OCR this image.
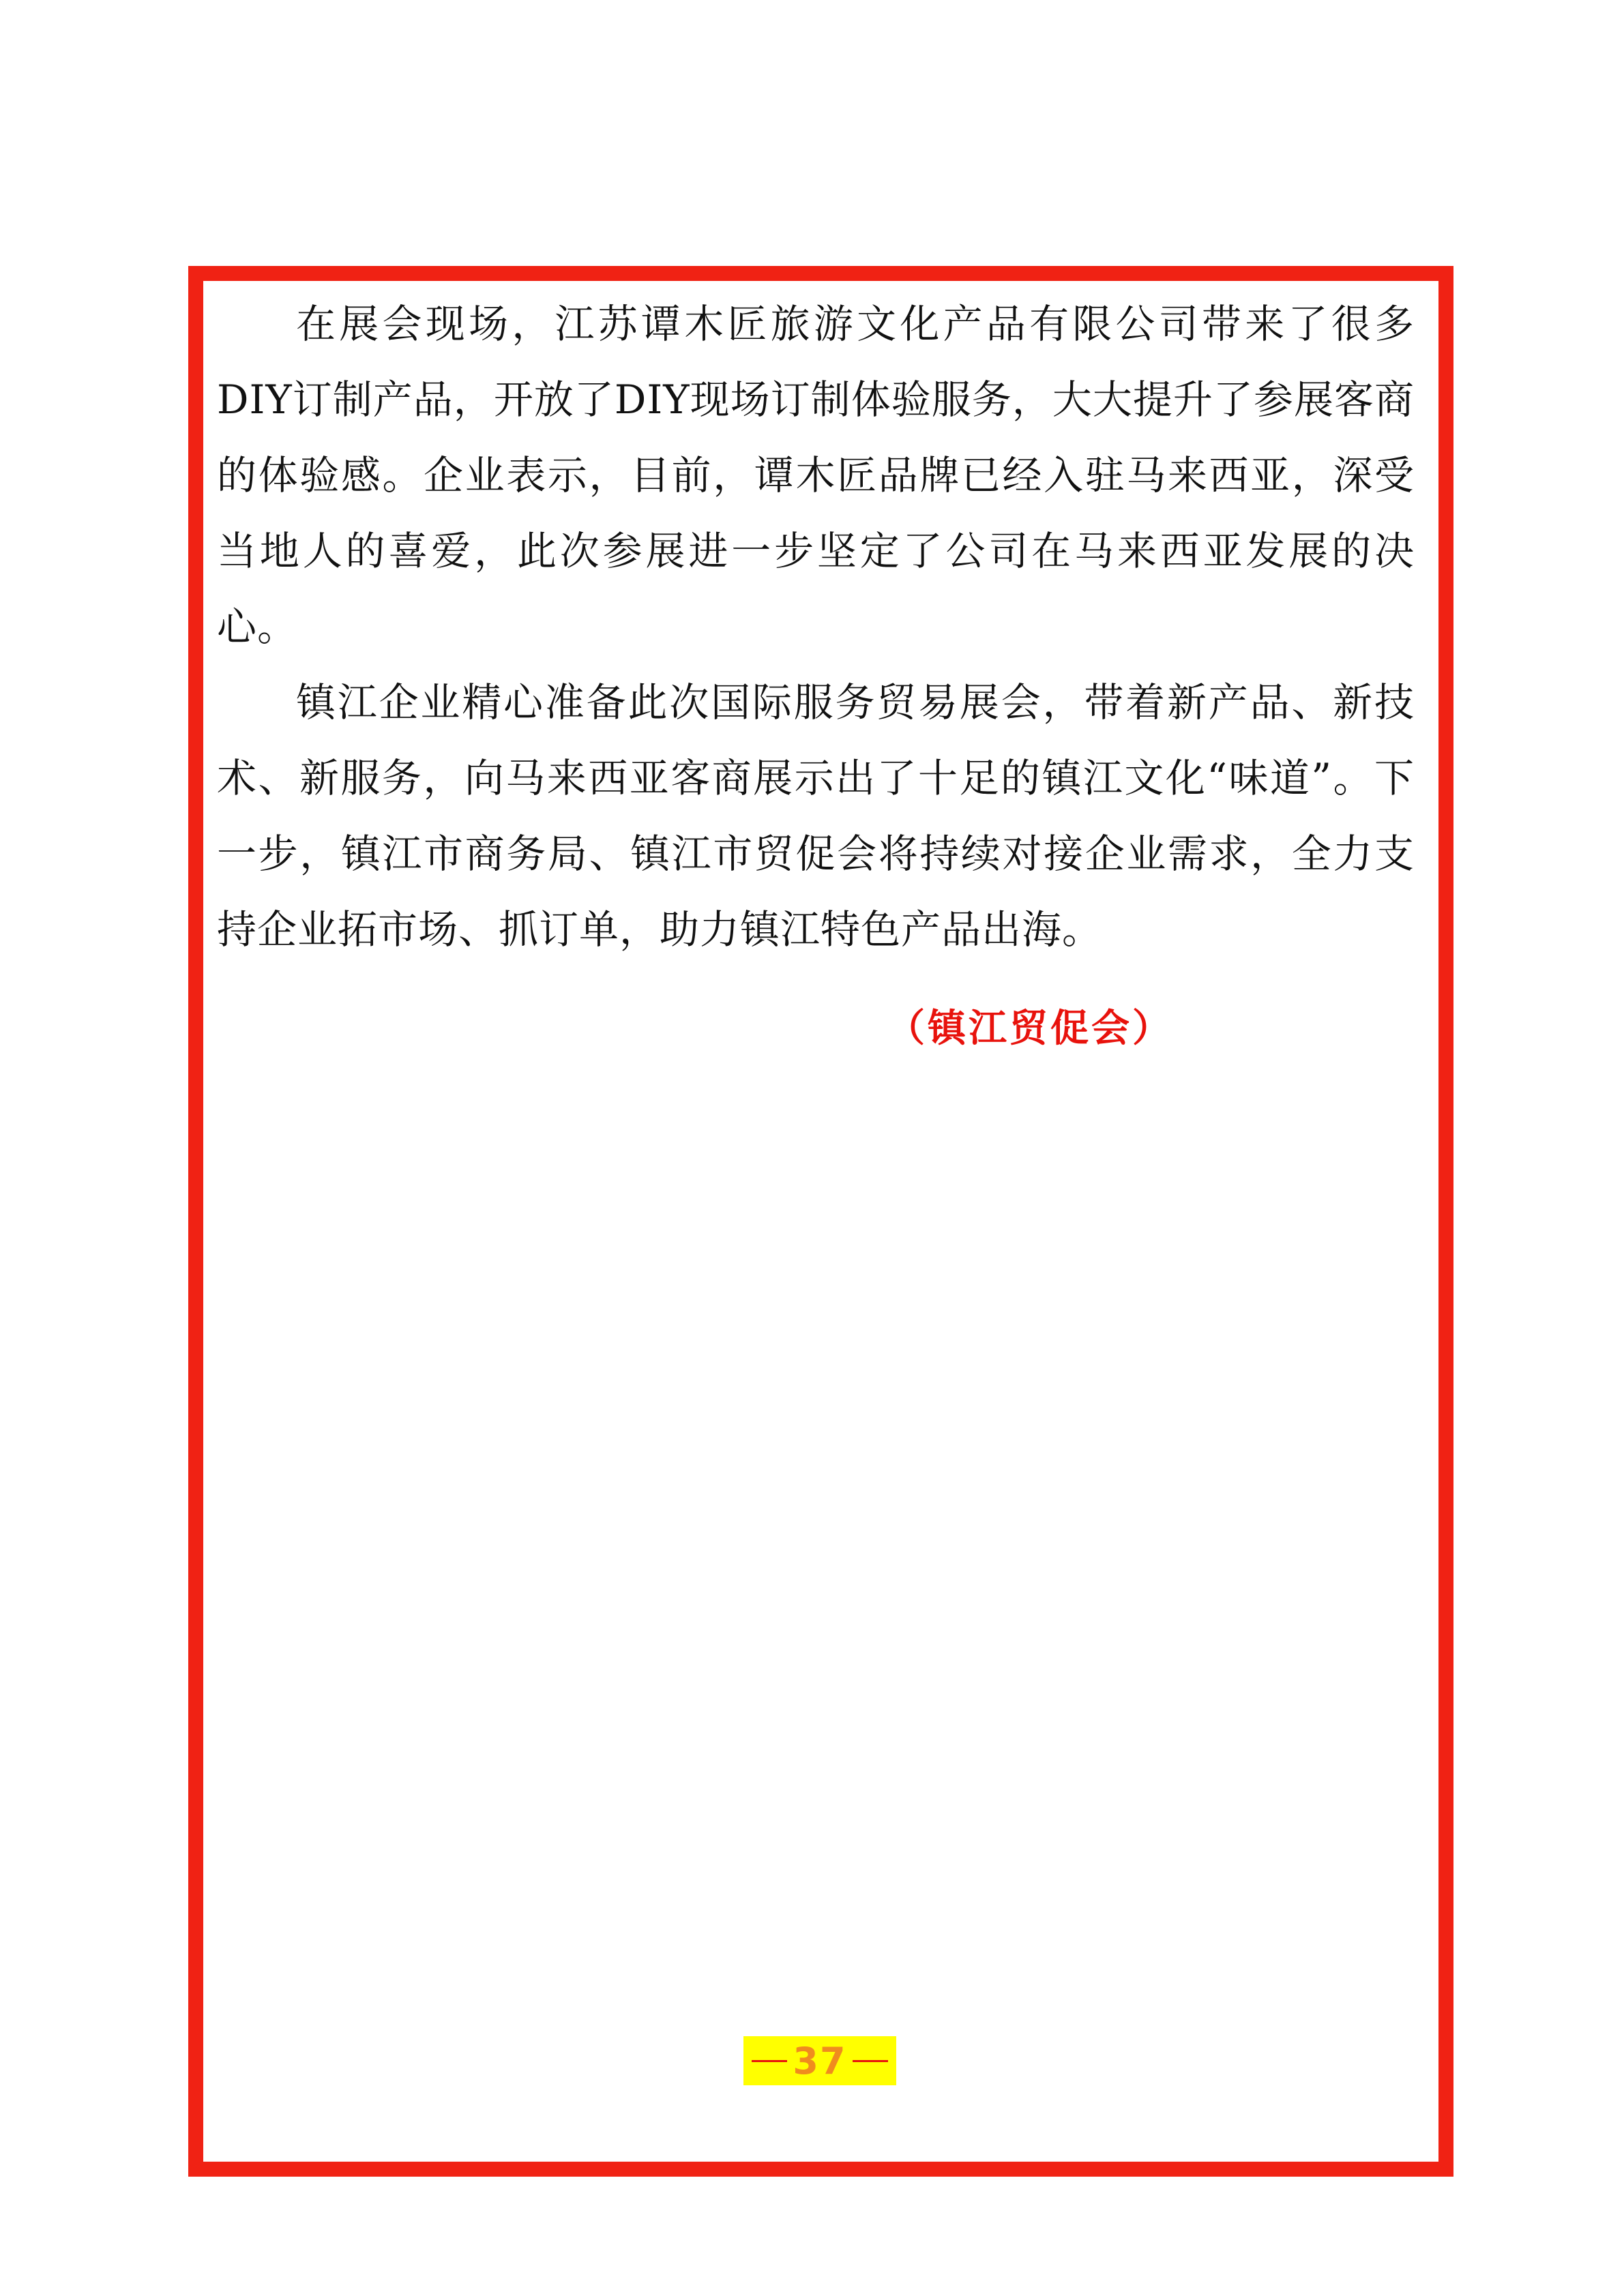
在展会现场，江苏谭木匠旅游文化产品有限公司带来了很多DIY订制产品，开放了DIY现场订制体验服务，大大提升了参展客商的体验感。企业表示，目前，谭木匠品牌已经入驻马来西亚，深受当地人的喜爱，此次参展进一步坚定了公司在马来西亚发展的决心。

镇江企业精心准备此次国际服务贸易展会，带着新产品、新技术、新服务，向马来西亚客商展示出了十足的镇江文化“味道”。下一步，镇江市商务局、镇江市贸促会将持续对接企业需求，全力支持企业拓市场、抓订单，助力镇江特色产品出海。

（镇江贸促会）
37
